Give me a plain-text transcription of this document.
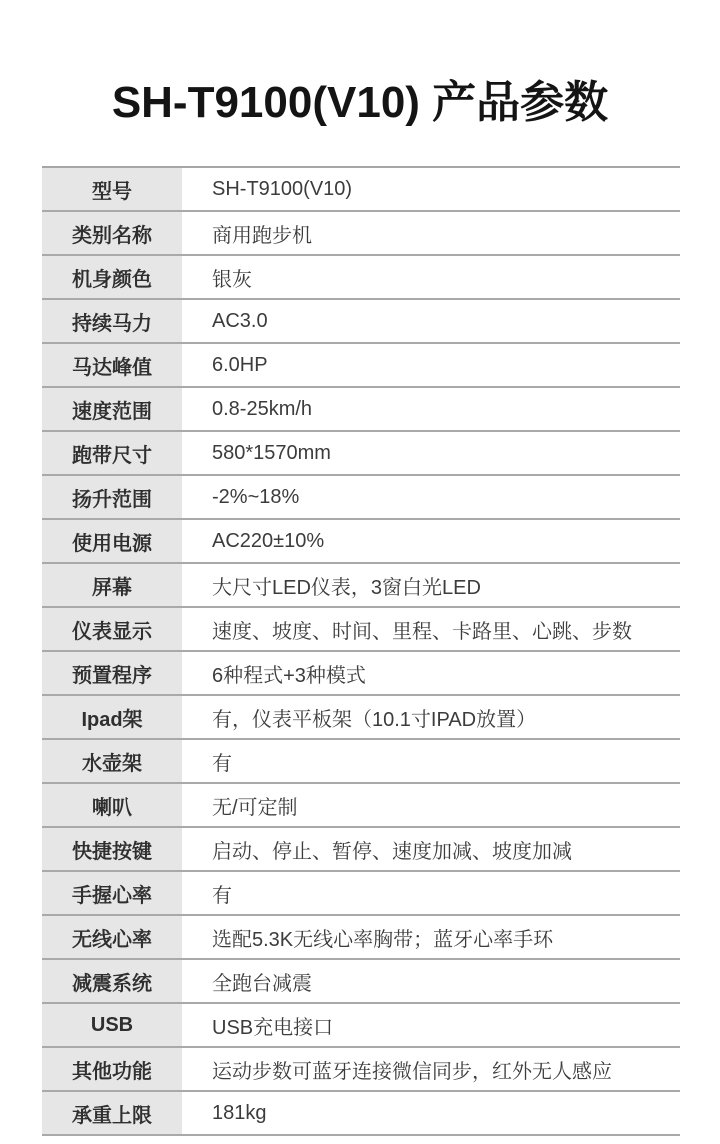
SH-T9100(V10) 产品参数
型号	SH-T9100(V10)
类别名称	商用跑步机
机身颜色	银灰
持续马力	AC3.0
马达峰值	6.0HP
速度范围	0.8-25km/h
跑带尺寸	580*1570mm
扬升范围	-2%~18%
使用电源	AC220±10%
屏幕	大尺寸LED仪表，3窗白光LED
仪表显示	速度、坡度、时间、里程、卡路里、心跳、步数
预置程序	6种程式+3种模式
Ipad架	有，仪表平板架（10.1寸IPAD放置）
水壶架	有
喇叭	无/可定制
快捷按键	启动、停止、暂停、速度加减、坡度加减
手握心率	有
无线心率	选配5.3K无线心率胸带；蓝牙心率手环
减震系统	全跑台减震
USB	USB充电接口
其他功能	运动步数可蓝牙连接微信同步，红外无人感应
承重上限	181kg
